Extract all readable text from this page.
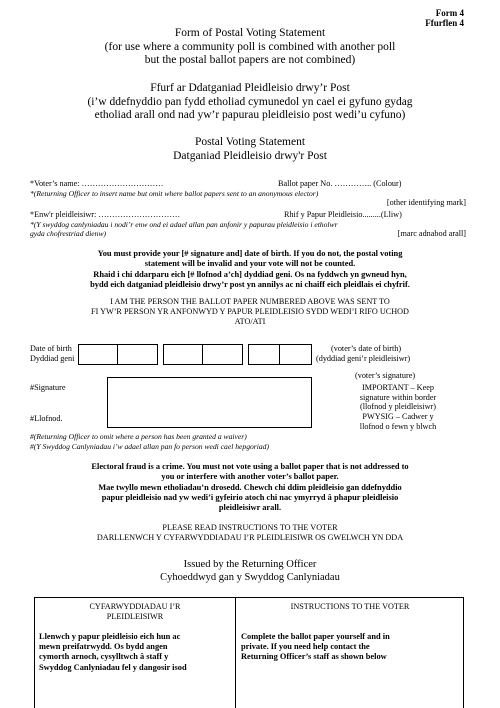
Form 4
Ffurflen 4
Form of Postal Voting Statement
(for use where a community poll is combined with another poll
but the postal ballot papers are not combined)
Ffurf ar Ddatganiad Pleidleisio drwy’r Post
(i’w ddefnyddio pan fydd etholiad cymunedol yn cael ei gyfuno gydag
etholiad arall ond nad yw’r papurau pleidleisio post wedi’u cyfuno)
Postal Voting Statement
Datganiad Pleidleisio drwy'r Post
*Voter’s name: …………………………	Ballot paper No. ………….. (Colour)
*(Returning Officer to insert name but omit where ballot papers sent to an anonymous elector)
[other identifying mark]
*Enw'r pleidleisiwr: …………………………	Rhif y Papur Pleidleisio.........(Lliw)
*(Y swyddog canlyniadau i nodi’r enw ond ei adael allan pan anfonir y papurau pleidleisio i etholwr
gyda chofrestriad dienw)	[marc adnabod arall]
You must provide your [# signature and] date of birth. If you do not, the postal voting
statement will be invalid and your vote will not be counted.
Rhaid i chi ddarparu eich [# llofnod a’ch] dyddiad geni. Os na fyddwch yn gwneud hyn,
bydd eich datganiad pleidleisio drwy’r post yn annilys ac ni chaiff eich pleidlais ei chyfrif.
I AM THE PERSON THE BALLOT PAPER NUMBERED ABOVE WAS SENT TO
FI YW’R PERSON YR ANFONWYD Y PAPUR PLEIDLEISIO SYDD WEDI’I RIFO UCHOD
ATO/ATI
Date of birth
Dyddiad geni
(voter’s date of birth)
(dyddiad geni’r pleidleisiwr)
(voter’s signature)
#Signature
#Llofnod.
IMPORTANT – Keep
signature within border
(llofnod y pleidleisiwr)
PWYSIG – Cadwer y
llofnod o fewn y blwch
#(Returning Officer to omit where a person has been granted a waiver)
#(Y Swyddog Canlyniadau i’w adael allan pan fo person wedi cael hepgoriad)
Electoral fraud is a crime. You must not vote using a ballot paper that is not addressed to
you or interfere with another voter’s ballot paper.
Mae twyllo mewn etholiadau’n drosedd. Chewch chi ddim pleidleisio gan ddefnyddio
papur pleidleisio nad yw wedi’i gyfeirio atoch chi nac ymyrryd â phapur pleidleisio
pleidleisiwr arall.
PLEASE READ INSTRUCTIONS TO THE VOTER
DARLLENWCH Y CYFARWYDDIADAU I’R PLEIDLEISIWR OS GWELWCH YN DDA
Issued by the Returning Officer
Cyhoeddwyd gan y Swyddog Canlyniadau
CYFARWYDDIADAU I’R
PLEIDLEISIWR
Llenwch y papur pleidleisio eich hun ac
mewn preifatrwydd. Os bydd angen
cymorth arnoch, cysylltwch â staff y
Swyddog Canlyniadau fel y dangosir isod
INSTRUCTIONS TO THE VOTER
Complete the ballot paper yourself and in
private. If you need help contact the
Returning Officer’s staff as shown below
